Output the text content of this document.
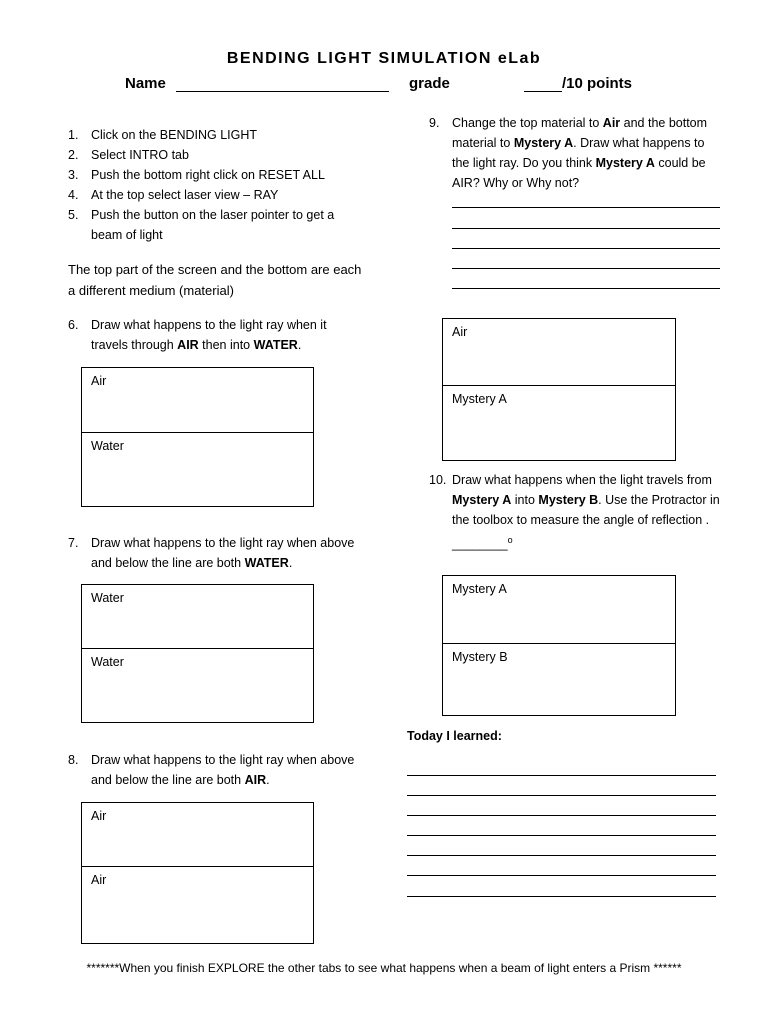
BENDING LIGHT SIMULATION eLab
Name	grade	/10 points
1.	Click on the BENDING LIGHT
2.	Select INTRO tab
3.	Push the bottom right click on RESET ALL
4.	At the top select laser view – RAY
5.	Push the button on the laser pointer to get a beam of light
The top part of the screen and the bottom are each a different medium (material)
6.	Draw what happens to the light ray when it travels through AIR then into WATER.
Air
Water
7.	Draw what happens to the light ray when above and below the line are both WATER.
Water
Water
8.	Draw what happens to the light ray when above and below the line are both AIR.
Air
Air
9.	Change the top material to Air and the bottom material to Mystery A. Draw what happens to the light ray. Do you think Mystery A could be AIR? Why or Why not?
Air
Mystery A
10. Draw what happens when the light travels from Mystery A into Mystery B. Use the Protractor in the toolbox to measure the angle of reflection . ________$^o$
Mystery A
Mystery B
Today I learned:
*******When you finish EXPLORE the other tabs to see what happens when a beam of light enters a Prism ******
